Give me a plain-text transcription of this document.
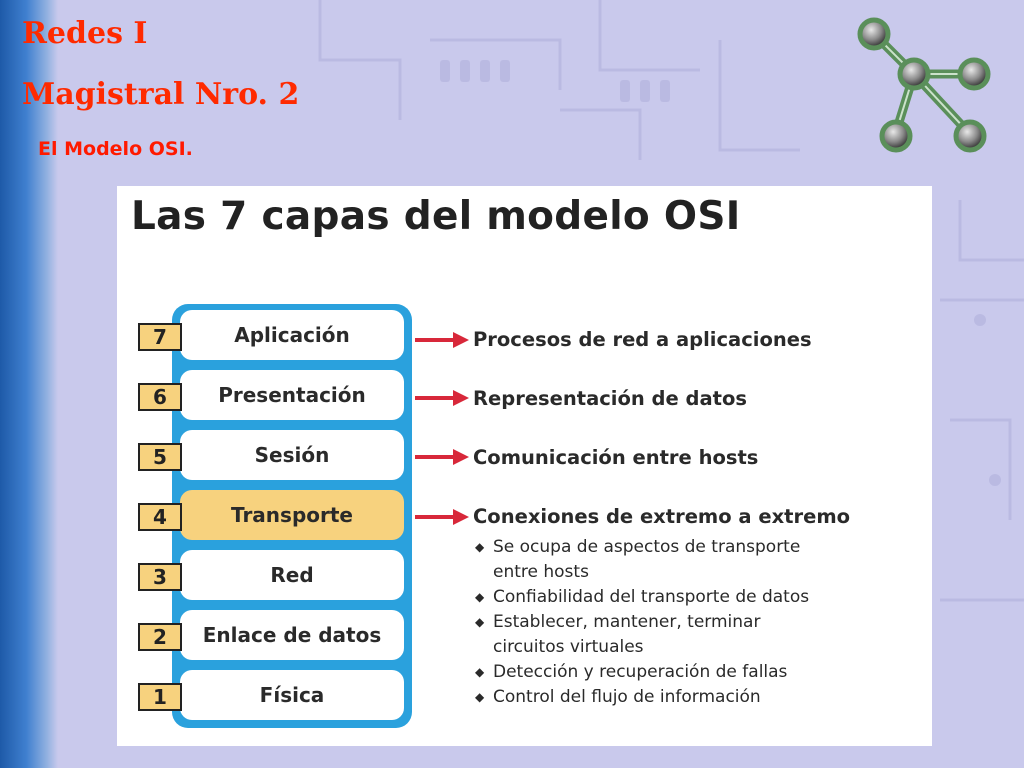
Redes I
Magistral Nro. 2
El Modelo OSI.
Las 7 capas del modelo OSI
Aplicación
Presentación
Sesión
Transporte
Red
Enlace de datos
Física
7
6
5
4
3
2
1

Procesos de red a aplicaciones

Representación de datos

Comunicación entre hosts

Conexiones de extremo a extremo

◆ Se ocupa de aspectos de transporte
entre hosts
◆ Confiabilidad del transporte de datos
◆ Establecer, mantener, terminar
circuitos virtuales
◆ Detección y recuperación de fallas
◆ Control del flujo de información
